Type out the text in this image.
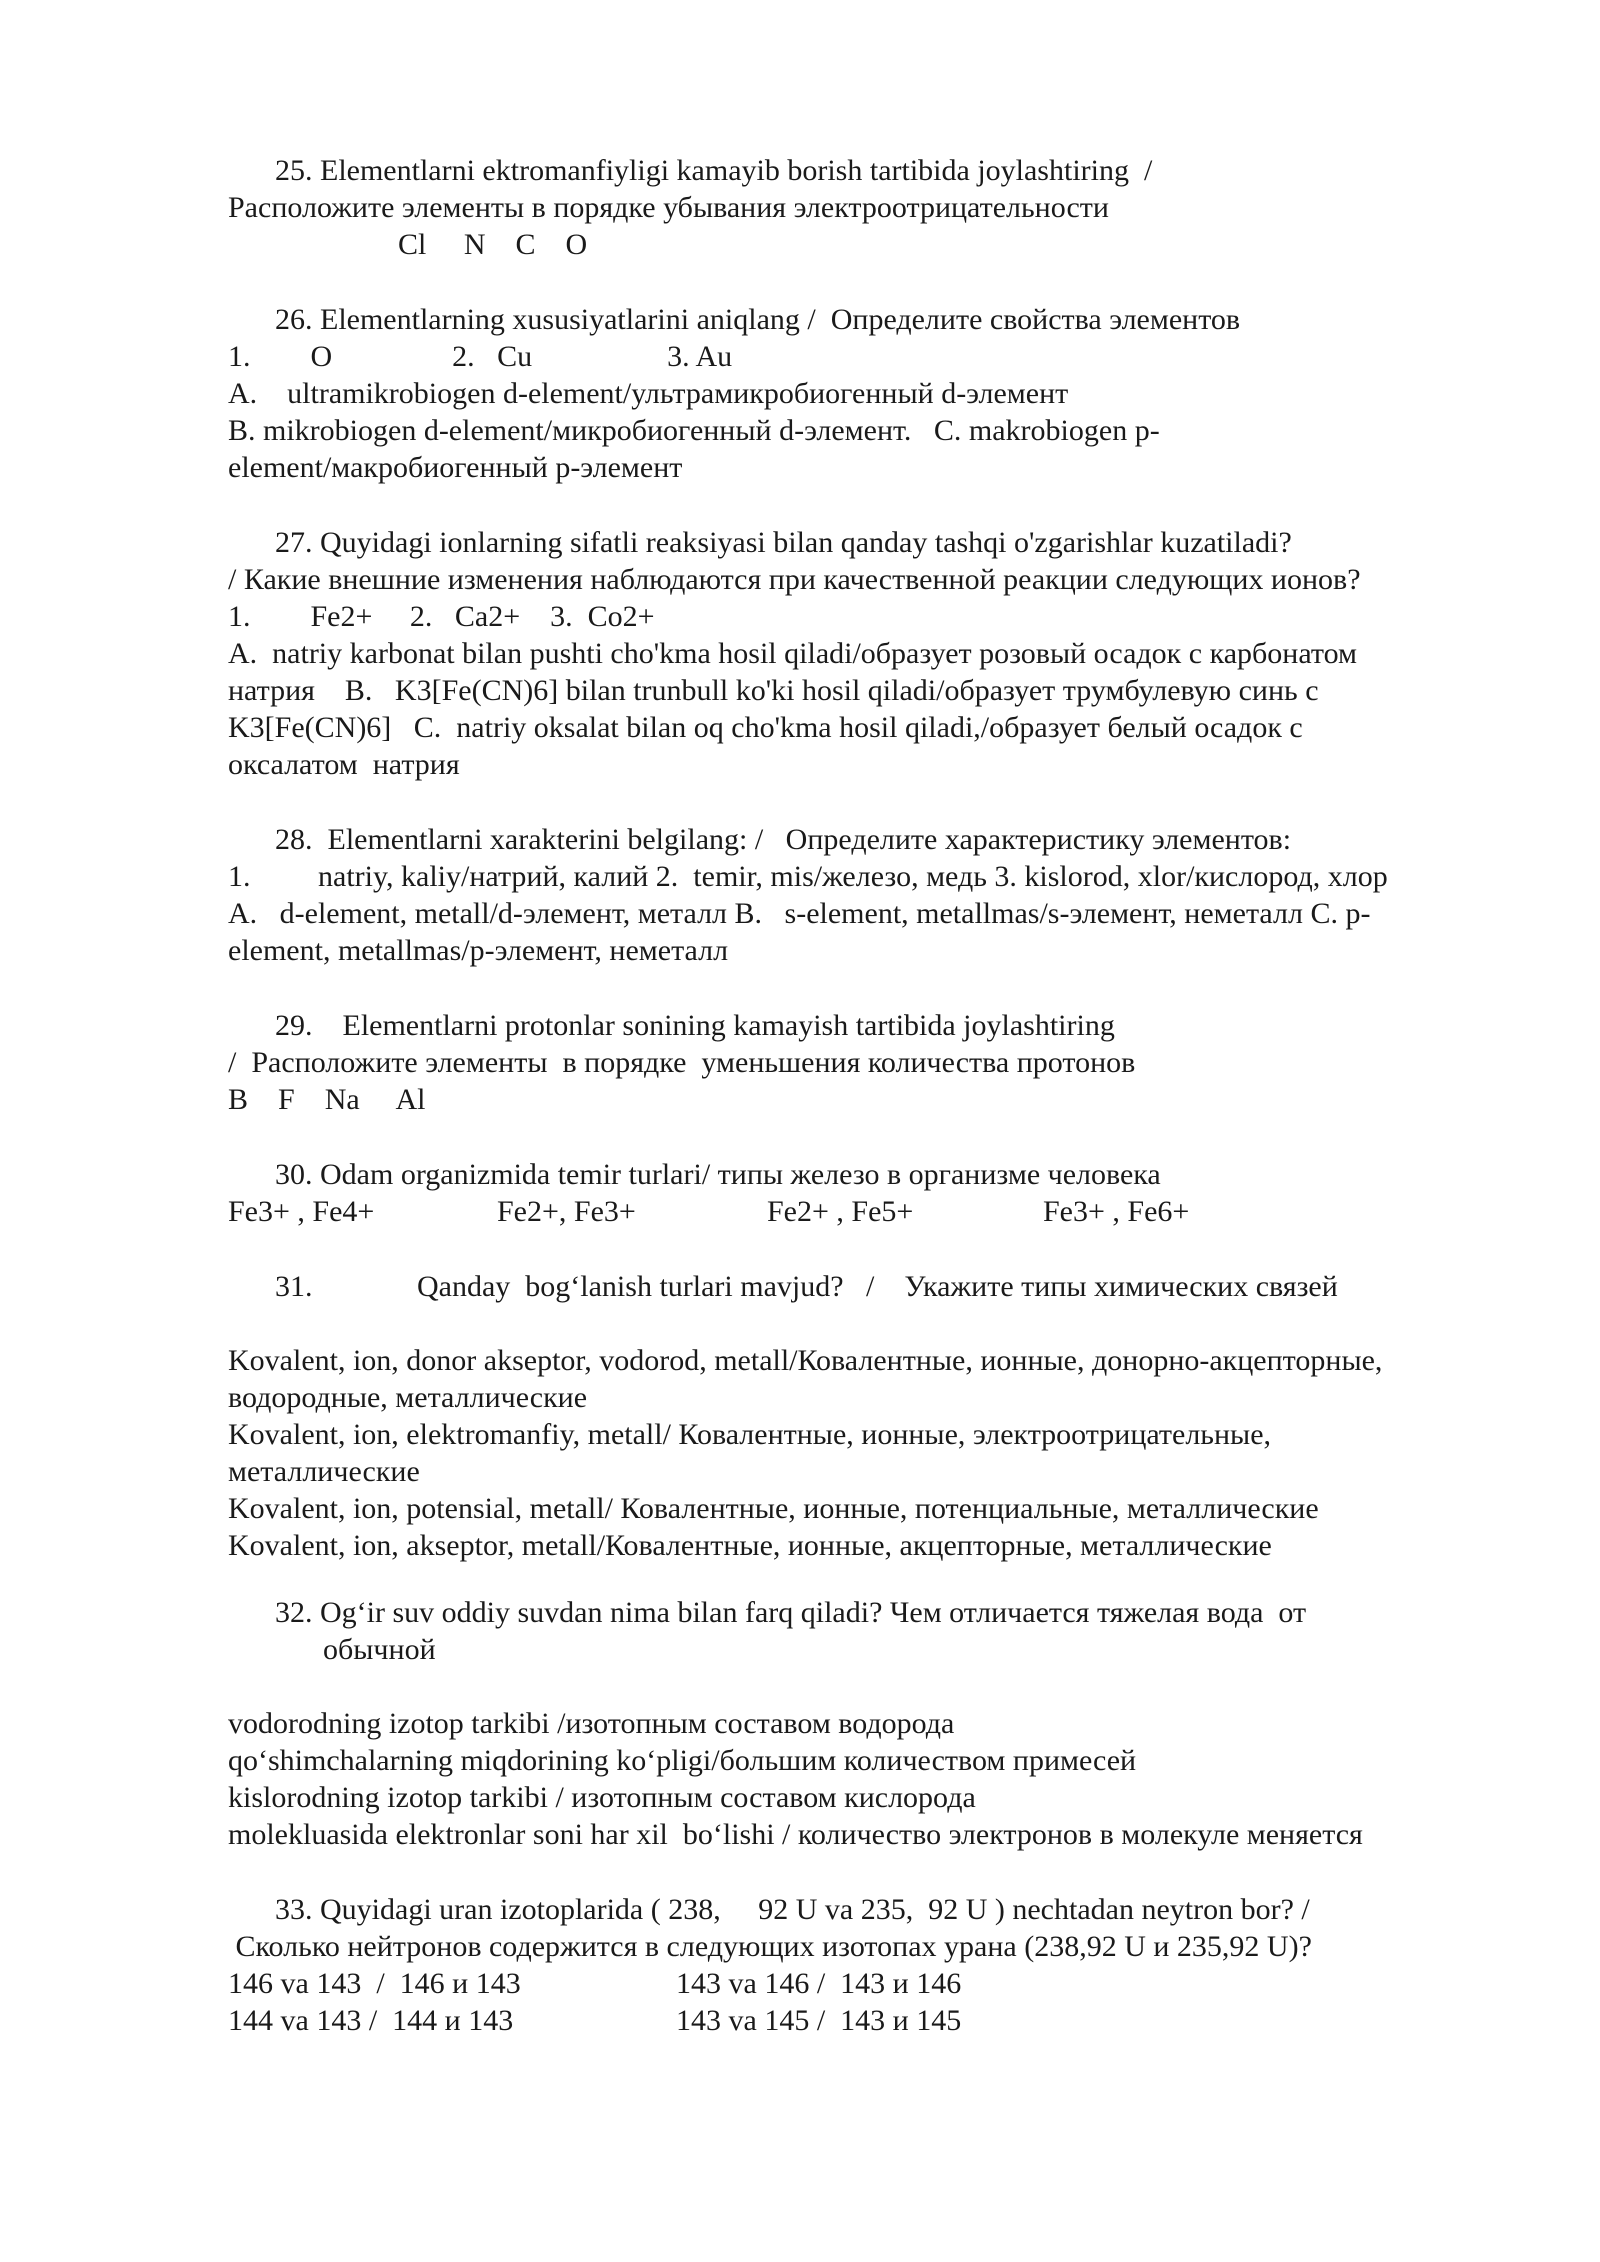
25. Elementlarni ektromanfiyligi kamayib borish tartibida joylashtiring  /
Расположите элементы в порядке убывания электроотрицательности
Cl     N    C    O
26. Elementlarning xususiyatlarini aniqlang /  Определите свойства элементов
1.        O                2.   Cu                  3. Au
A.    ultramikrobiogen d-element/ультрамикробиогенный d-элемент
B. mikrobiogen d-element/микробиогенный d-элемент.   C. makrobiogen p-
element/макробиогенный p-элемент
27. Quyidagi ionlarning sifatli reaksiyasi bilan qanday tashqi o'zgarishlar kuzatiladi?
/ Какие внешние изменения наблюдаются при качественной реакции следующих ионов?
1.        Fe2+     2.   Ca2+    3.  Co2+
A.  natriy karbonat bilan pushti cho'kma hosil qiladi/образует розовый осадок с карбонатом
натрия    B.   K3[Fe(CN)6] bilan trunbull ko'ki hosil qiladi/образует трумбулевую синь с
K3[Fe(CN)6]   C.  natriy oksalat bilan oq cho'kma hosil qiladi,/образует белый осадок с
оксалатом  натрия
28.  Elementlarni xarakterini belgilang: /   Определите характеристику элементов:
1.         natriy, kaliy/натрий, калий 2.  temir, mis/железо, медь 3. kislorod, xlor/кислород, хлор
A.   d-element, metall/d-элемент, металл B.   s-element, metallmas/s-элемент, неметалл C. p-
element, metallmas/p-элемент, неметалл
29.    Elementlarni protonlar sonining kamayish tartibida joylashtiring
/  Расположите элементы  в порядке  уменьшения количества протонов
B    F    Na     Al
30. Odam organizmida temir turlari/ типы железо в организме человека
Fe3+ , Fe4+	Fe2+, Fe3+	Fe2+ , Fe5+	Fe3+ , Fe6+
31.	Qanday  bog‘lanish turlari mavjud?   /    Укажите типы химических связей
Kovalent, ion, donor akseptor, vodorod, metall/Ковалентные, ионные, донорно-акцепторные,
водородные, металлические
Kovalent, ion, elektromanfiy, metall/ Ковалентные, ионные, электроотрицательные,
металлические
Kovalent, ion, potensial, metall/ Ковалентные, ионные, потенциальные, металлические
Kovalent, ion, akseptor, metall/Ковалентные, ионные, акцепторные, металлические
32. Og‘ir suv oddiy suvdan nima bilan farq qiladi? Чем отличается тяжелая вода  от
обычной
vodorodning izotop tarkibi /изотопным составом водорода
qo‘shimchalarning miqdorining ko‘pligi/большим количеством примесей
kislorodning izotop tarkibi / изотопным составом кислорода
molekluasida elektronlar soni har xil  bo‘lishi / количество электронов в молекуле меняется
33. Quyidagi uran izotoplarida ( 238,     92 U va 235,  92 U ) nechtadan neytron bor? /
Сколько нейтронов содержится в следующих изотопах урана (238,92 U и 235,92 U)?
146 va 143  /  146 и 143	143 va 146 /  143 и 146
144 va 143 /  144 и 143	143 va 145 /  143 и 145
